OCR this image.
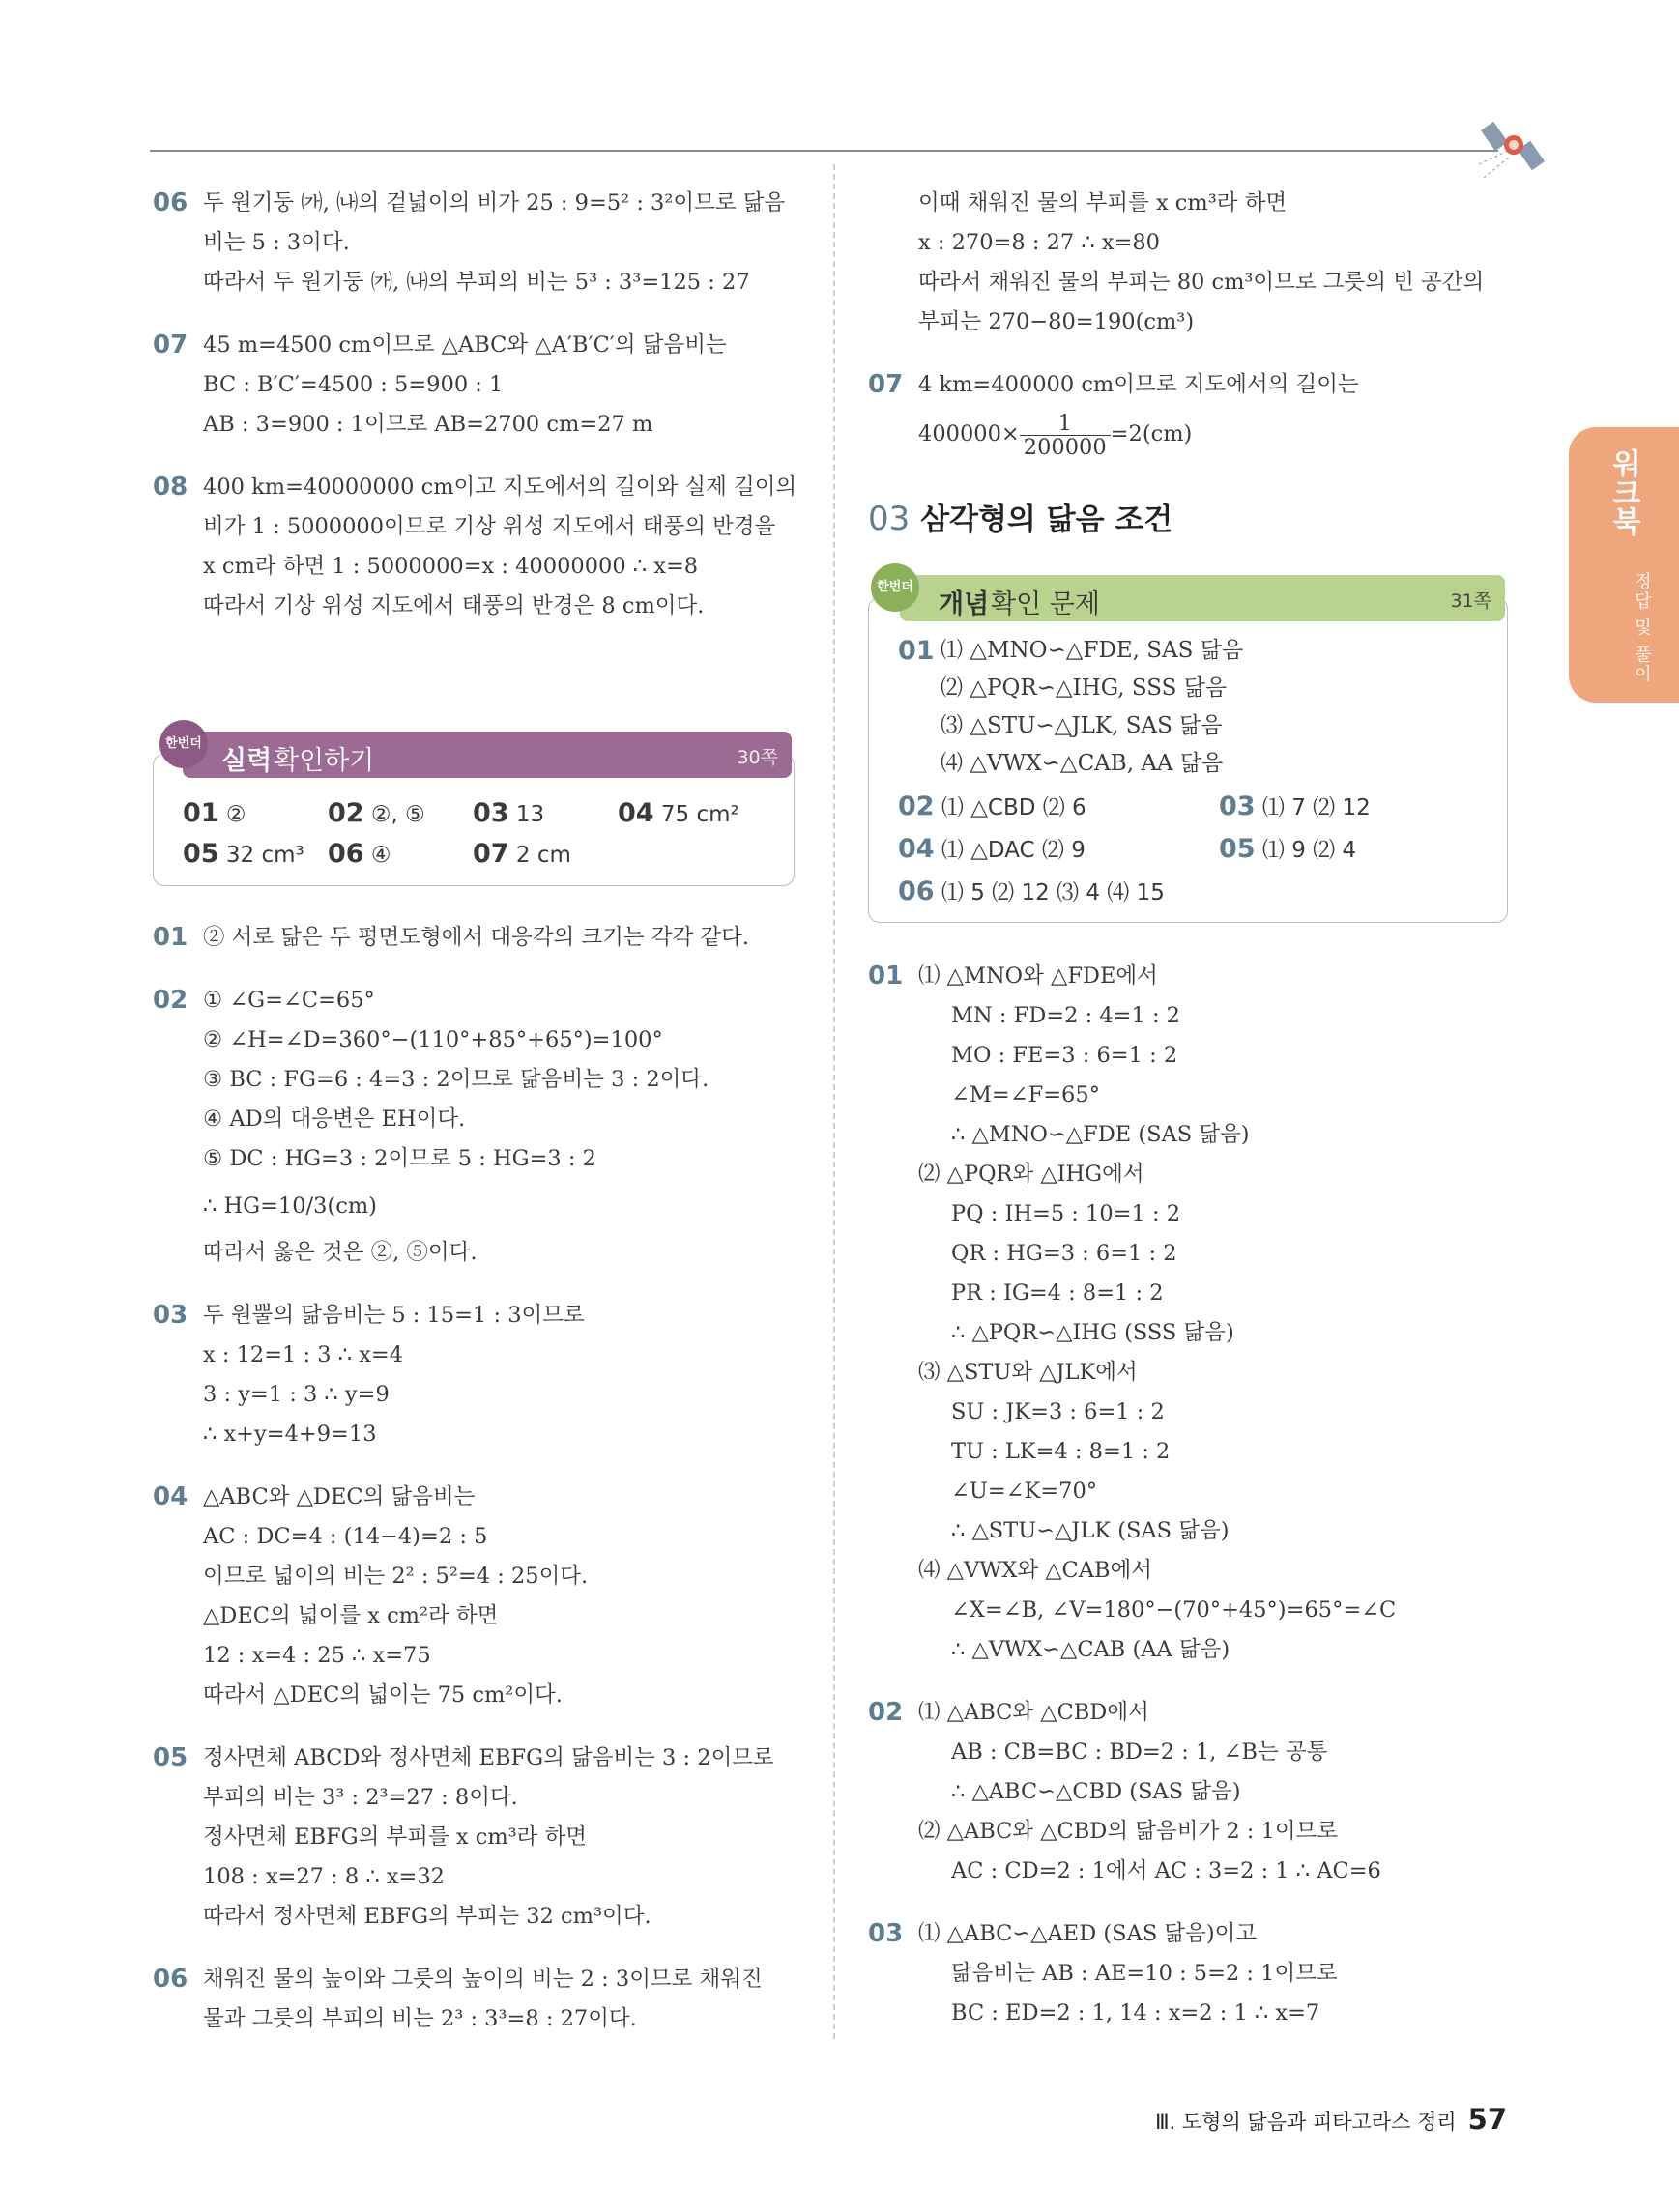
워크북
정답 및 풀이
06 두 원기둥 ㈎, ㈏의 겉넓이의 비가 25 : 9=5² : 3²이므로 닮음
비는 5 : 3이다.
따라서 두 원기둥 ㈎, ㈏의 부피의 비는 5³ : 3³=125 : 27
07 45 m=4500 cm이므로 △ABC와 △A′B′C′의 닮음비는
BC : B′C′=4500 : 5=900 : 1
AB : 3=900 : 1이므로 AB=2700 cm=27 m
08 400 km=40000000 cm이고 지도에서의 길이와 실제 길이의
비가 1 : 5000000이므로 기상 위성 지도에서 태풍의 반경을
x cm라 하면 1 : 5000000=x : 40000000 ∴ x=8
따라서 기상 위성 지도에서 태풍의 반경은 8 cm이다.
실력 확인하기	30쪽
한번더
01 ②	02 ②, ⑤ 03 13	04 75 cm²
05 32 cm³ 06 ④	07 2 cm
01 ② 서로 닮은 두 평면도형에서 대응각의 크기는 각각 같다.
02 ① ∠G=∠C=65°
② ∠H=∠D=360°−(110°+85°+65°)=100°
③ BC : FG=6 : 4=3 : 2이므로 닮음비는 3 : 2이다.
④ AD의 대응변은 EH이다.
⑤ DC : HG=3 : 2이므로 5 : HG=3 : 2
∴ HG=10/3(cm)
따라서 옳은 것은 ②, ⑤이다.
03 두 원뿔의 닮음비는 5 : 15=1 : 3이므로
x : 12=1 : 3 ∴ x=4
3 : y=1 : 3 ∴ y=9
∴ x+y=4+9=13
04 △ABC와 △DEC의 닮음비는
AC : DC=4 : (14−4)=2 : 5
이므로 넓이의 비는 2² : 5²=4 : 25이다.
△DEC의 넓이를 x cm²라 하면
12 : x=4 : 25 ∴ x=75
따라서 △DEC의 넓이는 75 cm²이다.
05 정사면체 ABCD와 정사면체 EBFG의 닮음비는 3 : 2이므로
부피의 비는 3³ : 2³=27 : 8이다.
정사면체 EBFG의 부피를 x cm³라 하면
108 : x=27 : 8 ∴ x=32
따라서 정사면체 EBFG의 부피는 32 cm³이다.
06 채워진 물의 높이와 그릇의 높이의 비는 2 : 3이므로 채워진
물과 그릇의 부피의 비는 2³ : 3³=8 : 27이다.
이때 채워진 물의 부피를 x cm³라 하면
x : 270=8 : 27 ∴ x=80
따라서 채워진 물의 부피는 80 cm³이므로 그릇의 빈 공간의
부피는 270−80=190(cm³)
07 4 km=400000 cm이므로 지도에서의 길이는
$400000\times \frac{1}{200000} =2(cm)$
03 삼각형의 닮음 조건
개념 확인 문제	31쪽
한번더
01 ⑴ △MNO∽△FDE, SAS 닮음
⑵ △PQR∽△IHG, SSS 닮음
⑶ △STU∽△JLK, SAS 닮음
⑷ △VWX∽△CAB, AA 닮음
02 ⑴ △CBD ⑵ 6	03 ⑴ 7 ⑵ 12
04 ⑴ △DAC ⑵ 9	05 ⑴ 9 ⑵ 4
06 ⑴ 5 ⑵ 12 ⑶ 4 ⑷ 15
01 ⑴ △MNO와 △FDE에서
MN : FD=2 : 4=1 : 2
MO : FE=3 : 6=1 : 2
∠M=∠F=65°
∴ △MNO∽△FDE (SAS 닮음)
⑵ △PQR와 △IHG에서
PQ : IH=5 : 10=1 : 2
QR : HG=3 : 6=1 : 2
PR : IG=4 : 8=1 : 2
∴ △PQR∽△IHG (SSS 닮음)
⑶ △STU와 △JLK에서
SU : JK=3 : 6=1 : 2
TU : LK=4 : 8=1 : 2
∠U=∠K=70°
∴ △STU∽△JLK (SAS 닮음)
⑷ △VWX와 △CAB에서
∠X=∠B, ∠V=180°−(70°+45°)=65°=∠C
∴ △VWX∽△CAB (AA 닮음)
02 ⑴ △ABC와 △CBD에서
AB : CB=BC : BD=2 : 1, ∠B는 공통
∴ △ABC∽△CBD (SAS 닮음)
⑵ △ABC와 △CBD의 닮음비가 2 : 1이므로
AC : CD=2 : 1에서 AC : 3=2 : 1 ∴ AC=6
03 ⑴ △ABC∽△AED (SAS 닮음)이고
닮음비는 AB : AE=10 : 5=2 : 1이므로
BC : ED=2 : 1, 14 : x=2 : 1 ∴ x=7
Ⅲ. 도형의 닮음과 피타고라스 정리 57
